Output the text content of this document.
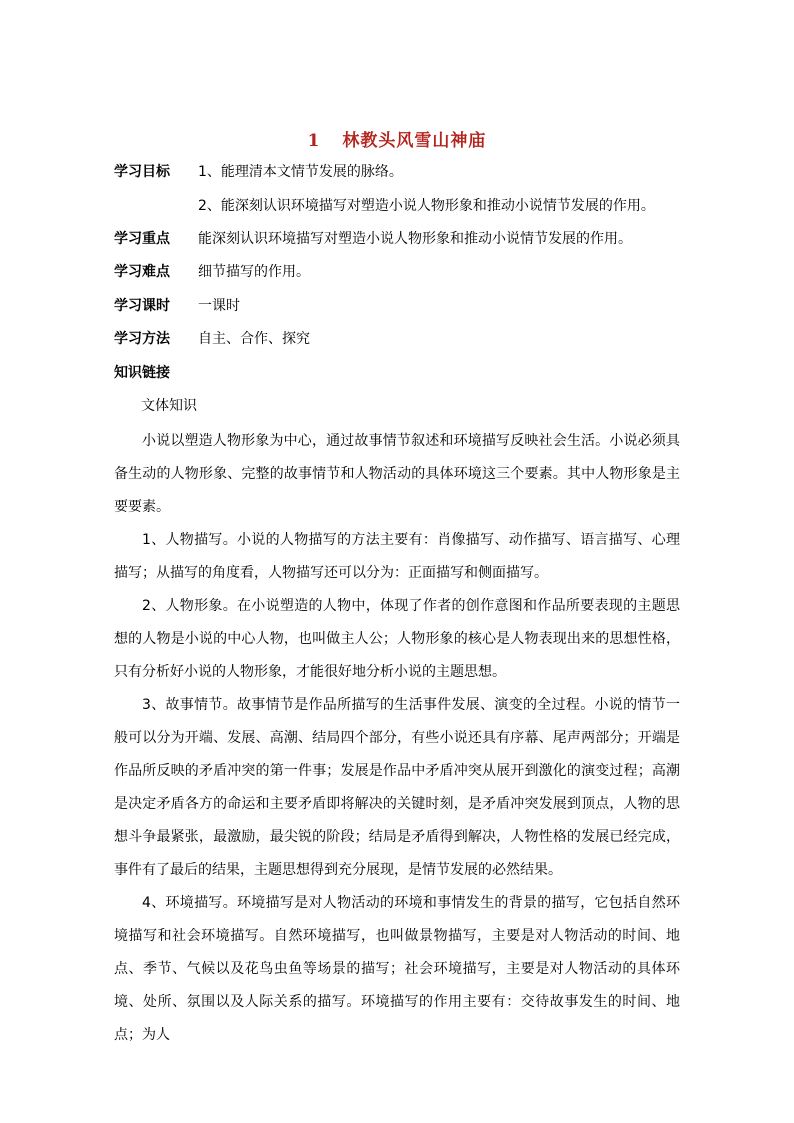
1 林教头风雪山神庙
学习目标 1、能理清本文情节发展的脉络。
2、能深刻认识环境描写对塑造小说人物形象和推动小说情节发展的作用。
学习重点 能深刻认识环境描写对塑造小说人物形象和推动小说情节发展的作用。
学习难点 细节描写的作用。
学习课时 一课时
学习方法 自主、合作、探究
知识链接
文体知识

小说以塑造人物形象为中心，通过故事情节叙述和环境描写反映社会生活。小说必须具备生动的人物形象、完整的故事情节和人物活动的具体环境这三个要素。其中人物形象是主要要素。

1、人物描写。小说的人物描写的方法主要有：肖像描写、动作描写、语言描写、心理描写；从描写的角度看，人物描写还可以分为：正面描写和侧面描写。

2、人物形象。在小说塑造的人物中，体现了作者的创作意图和作品所要表现的主题思想的人物是小说的中心人物，也叫做主人公；人物形象的核心是人物表现出来的思想性格，只有分析好小说的人物形象，才能很好地分析小说的主题思想。

3、故事情节。故事情节是作品所描写的生活事件发展、演变的全过程。小说的情节一般可以分为开端、发展、高潮、结局四个部分，有些小说还具有序幕、尾声两部分；开端是作品所反映的矛盾冲突的第一件事；发展是作品中矛盾冲突从展开到激化的演变过程；高潮是决定矛盾各方的命运和主要矛盾即将解决的关键时刻，是矛盾冲突发展到顶点，人物的思想斗争最紧张，最激励，最尖锐的阶段；结局是矛盾得到解决，人物性格的发展已经完成，事件有了最后的结果，主题思想得到充分展现，是情节发展的必然结果。

4、环境描写。环境描写是对人物活动的环境和事情发生的背景的描写，它包括自然环境描写和社会环境描写。自然环境描写，也叫做景物描写，主要是对人物活动的时间、地点、季节、气候以及花鸟虫鱼等场景的描写；社会环境描写，主要是对人物活动的具体环境、处所、氛围以及人际关系的描写。环境描写的作用主要有：交待故事发生的时间、地点；为人
